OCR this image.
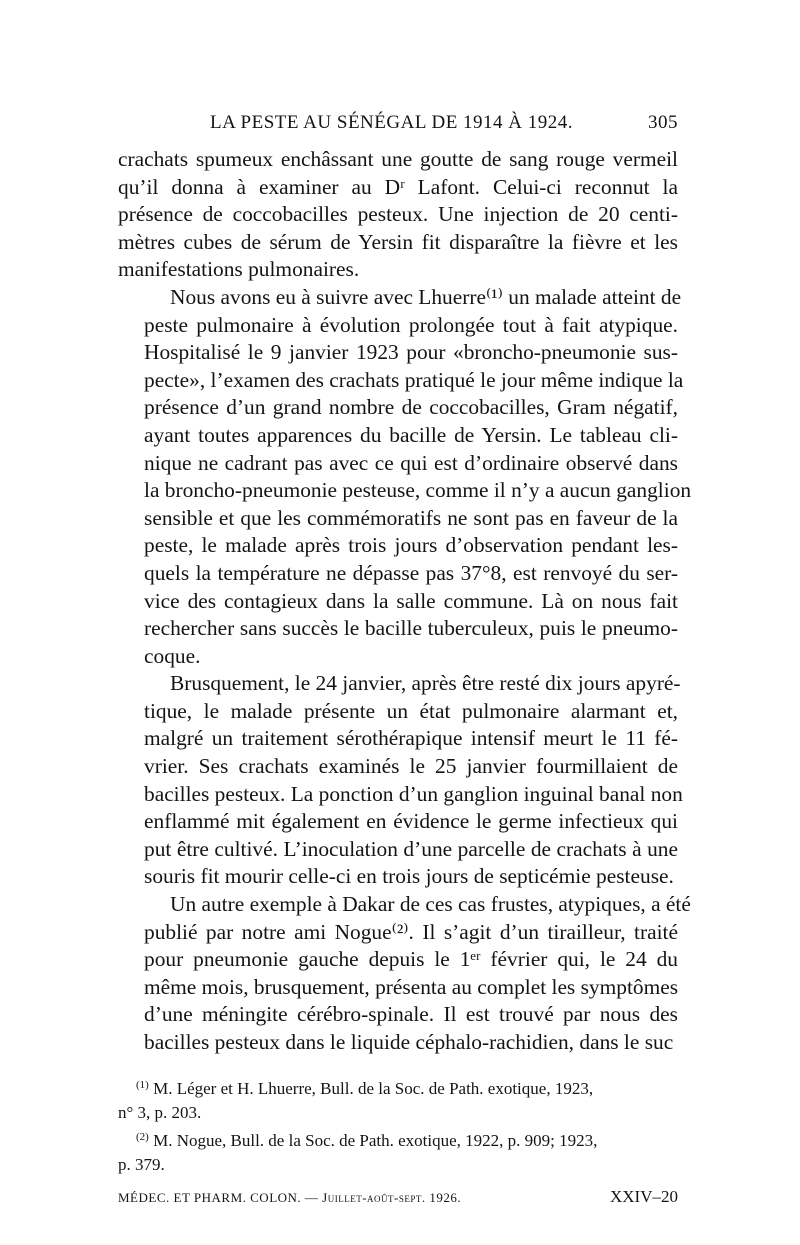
LA PESTE AU SÉNÉGAL DE 1914 À 1924.	305
crachats spumeux enchâssant une goutte de sang rouge vermeil
qu’il donna à examiner au Dʳ Lafont. Celui-ci reconnut la
présence de coccobacilles pesteux. Une injection de 20 centi-
mètres cubes de sérum de Yersin fit disparaître la fièvre et les
manifestations pulmonaires.
Nous avons eu à suivre avec Lhuerre⁽¹⁾ un malade atteint de
peste pulmonaire à évolution prolongée tout à fait atypique.
Hospitalisé le 9 janvier 1923 pour «broncho-pneumonie sus-
pecte», l’examen des crachats pratiqué le jour même indique la
présence d’un grand nombre de coccobacilles, Gram négatif,
ayant toutes apparences du bacille de Yersin. Le tableau cli-
nique ne cadrant pas avec ce qui est d’ordinaire observé dans
la broncho-pneumonie pesteuse, comme il n’y a aucun ganglion
sensible et que les commémoratifs ne sont pas en faveur de la
peste, le malade après trois jours d’observation pendant les-
quels la température ne dépasse pas 37°8, est renvoyé du ser-
vice des contagieux dans la salle commune. Là on nous fait
rechercher sans succès le bacille tuberculeux, puis le pneumo-
coque.
Brusquement, le 24 janvier, après être resté dix jours apyré-
tique, le malade présente un état pulmonaire alarmant et,
malgré un traitement sérothérapique intensif meurt le 11 fé-
vrier. Ses crachats examinés le 25 janvier fourmillaient de
bacilles pesteux. La ponction d’un ganglion inguinal banal non
enflammé mit également en évidence le germe infectieux qui
put être cultivé. L’inoculation d’une parcelle de crachats à une
souris fit mourir celle-ci en trois jours de septicémie pesteuse.
Un autre exemple à Dakar de ces cas frustes, atypiques, a été
publié par notre ami Nogue⁽²⁾. Il s’agit d’un tirailleur, traité
pour pneumonie gauche depuis le 1ᵉʳ février qui, le 24 du
même mois, brusquement, présenta au complet les symptômes
d’une méningite cérébro-spinale. Il est trouvé par nous des
bacilles pesteux dans le liquide céphalo-rachidien, dans le suc
$^{(1)}$ M. Léger et H. Lhuerre, Bull. de la Soc. de Path. exotique, 1923,
n° 3, p. 203.
$^{(2)}$ M. Nogue, Bull. de la Soc. de Path. exotique, 1922, p. 909; 1923,
p. 379.
MÉDEC. ET PHARM. COLON. — Juillet-août-sept. 1926.	XXIV–20
